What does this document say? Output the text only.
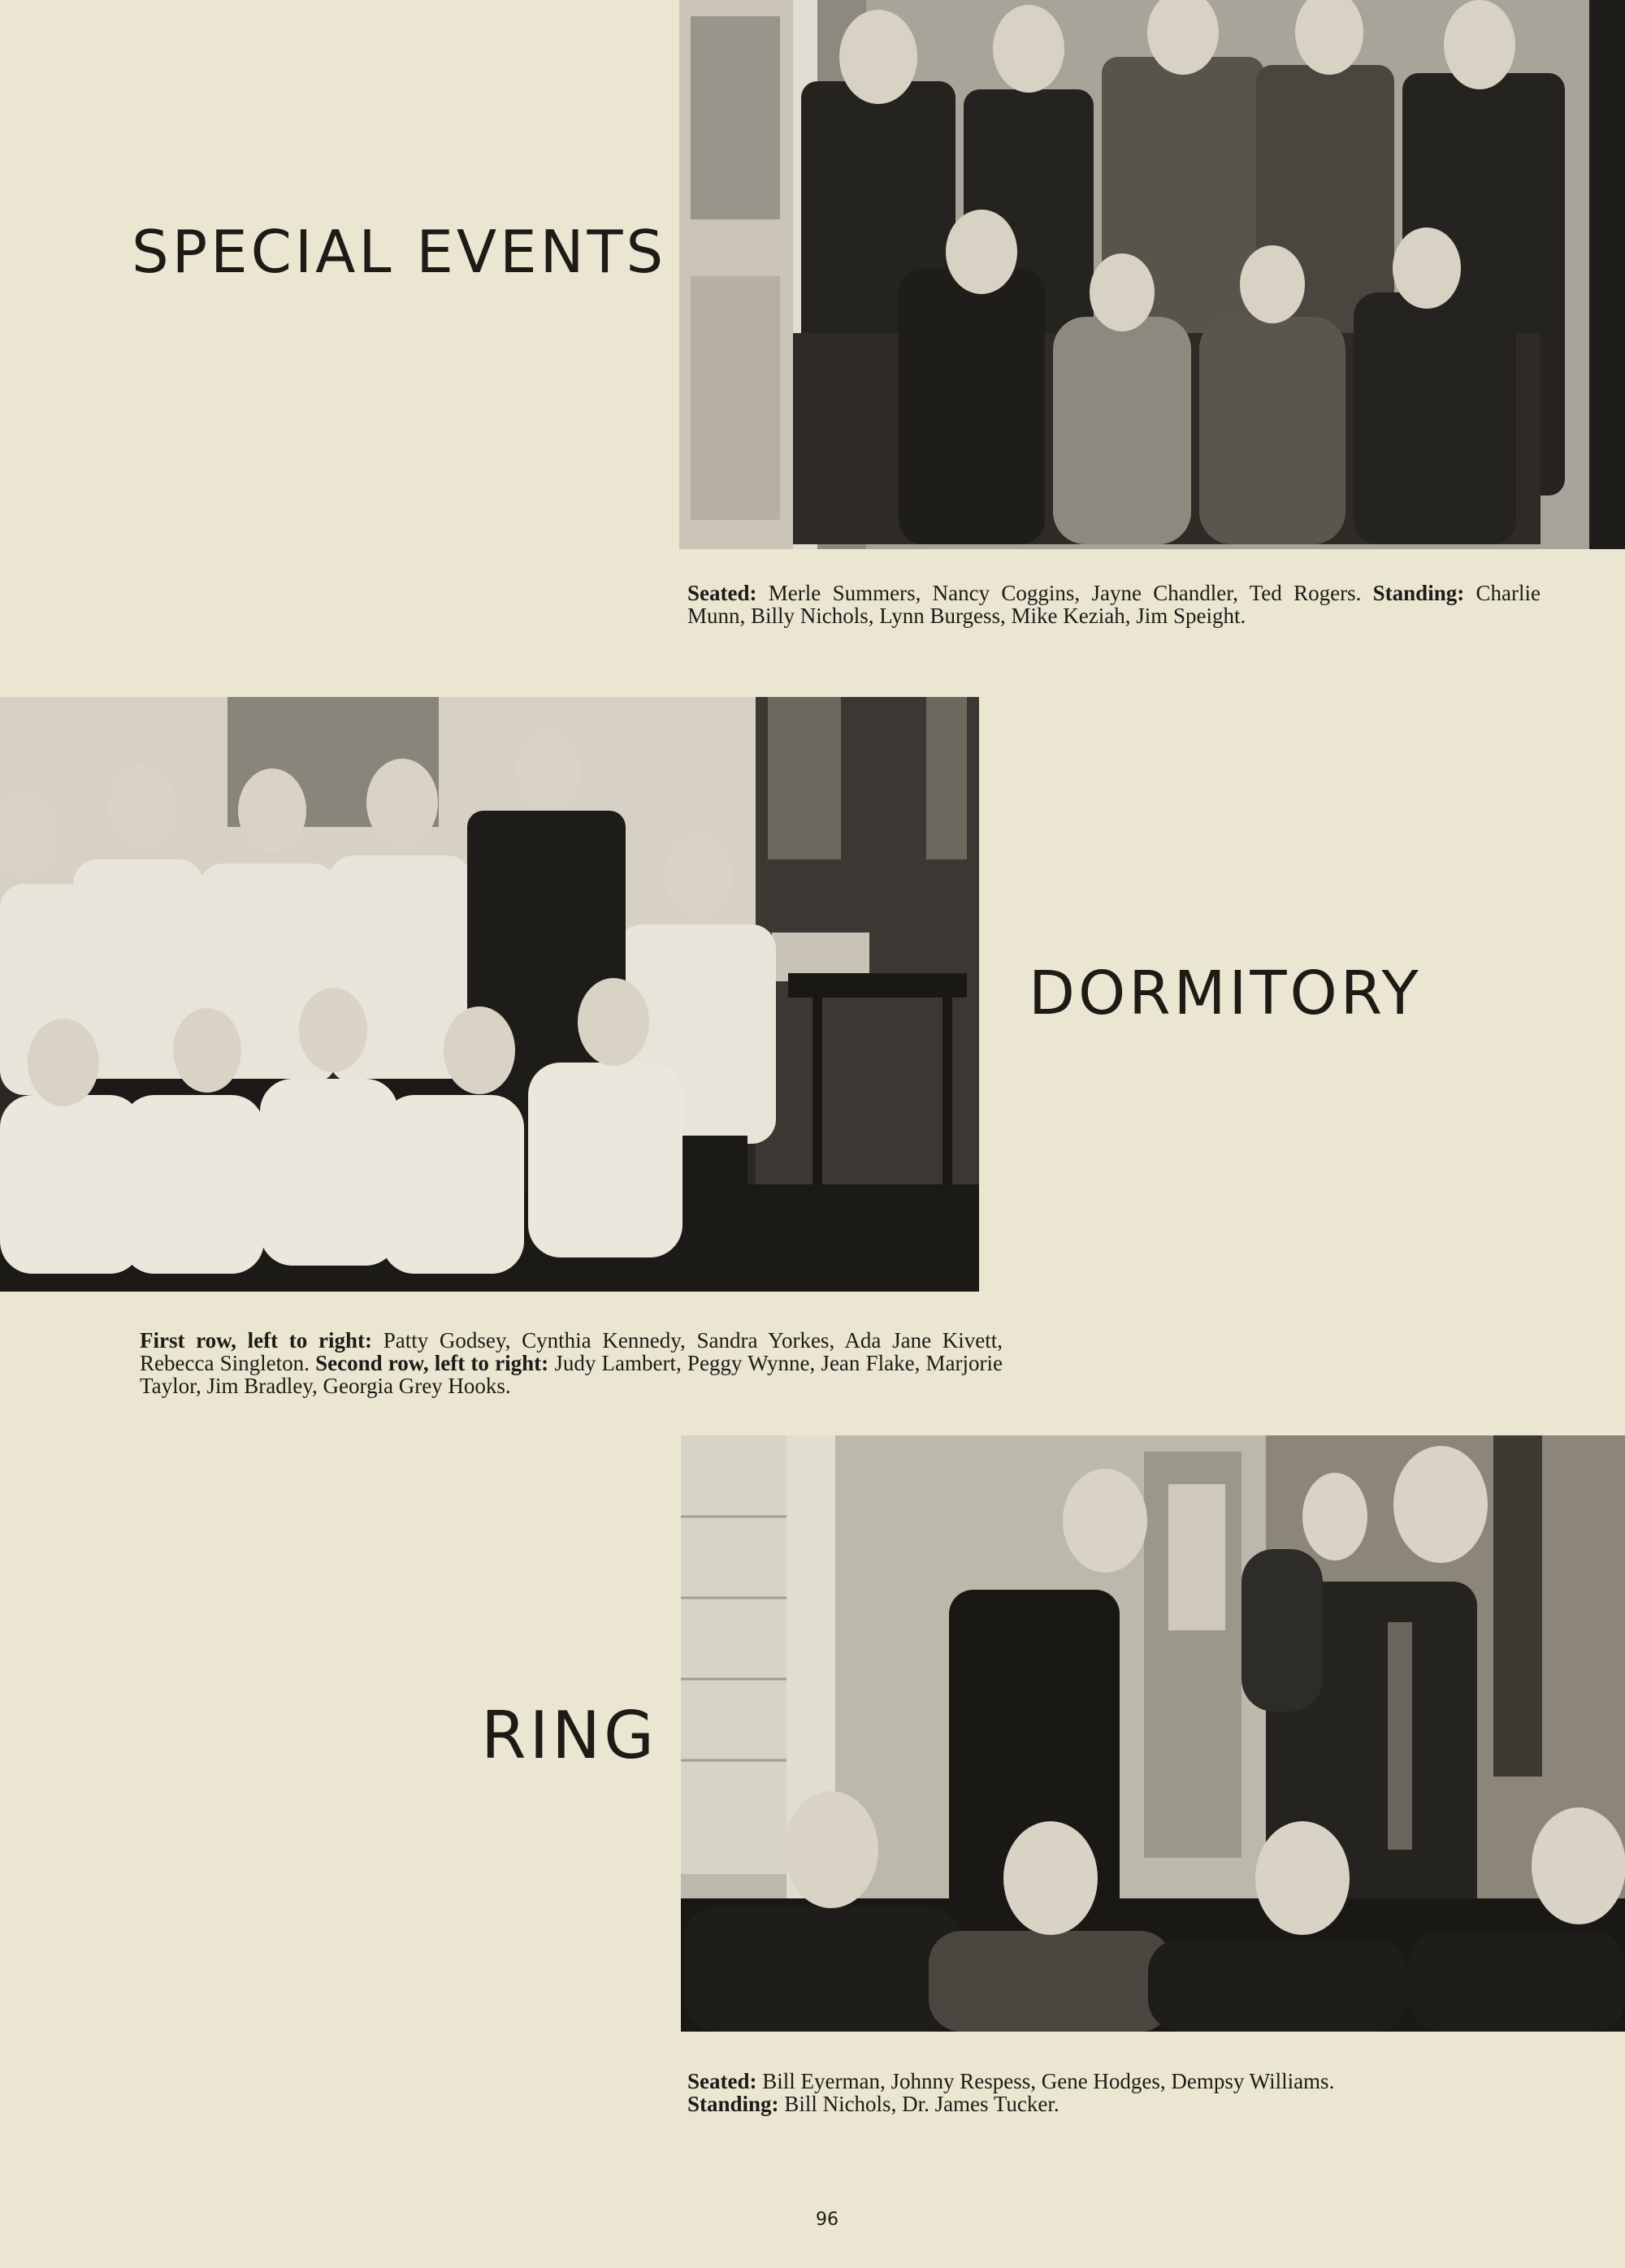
SPECIAL EVENTS

Seated: Merle Summers, Nancy Coggins, Jayne Chandler, Ted Rogers. Standing: Charlie Munn, Billy Nichols, Lynn Burgess, Mike Keziah, Jim Speight.

DORMITORY

First row, left to right: Patty Godsey, Cynthia Kennedy, Sandra Yorkes, Ada Jane Kivett, Rebecca Singleton. Second row, left to right: Judy Lambert, Peggy Wynne, Jean Flake, Marjorie Taylor, Jim Bradley, Georgia Grey Hooks.

RING

Seated: Bill Eyerman, Johnny Respess, Gene Hodges, Dempsy Williams.
Standing: Bill Nichols, Dr. James Tucker.

96
